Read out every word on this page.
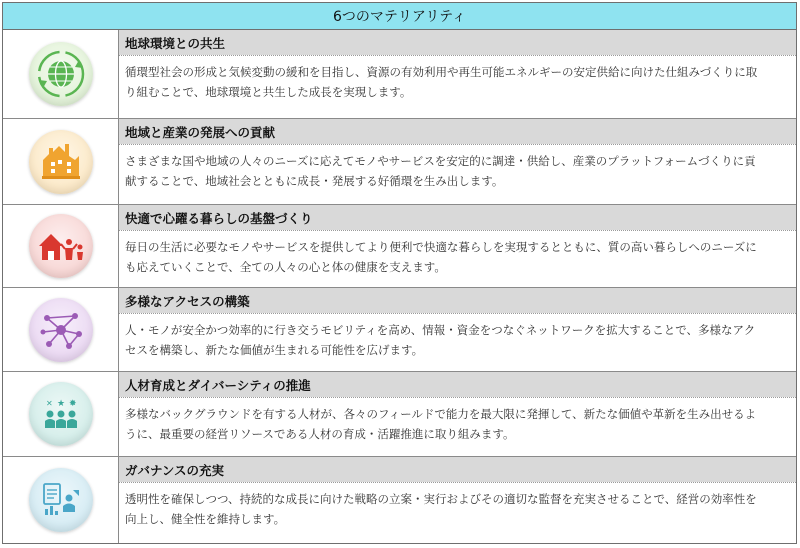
6つのマテリアリティ
地球環境との共生
循環型社会の形成と気候変動の緩和を目指し、資源の有効利用や再生可能エネルギーの安定供給に向けた仕組みづくりに取
り組むことで、地球環境と共生した成長を実現します。
地域と産業の発展への貢献
さまざまな国や地域の人々のニーズに応えてモノやサービスを安定的に調達・供給し、産業のプラットフォームづくりに貢
献することで、地域社会とともに成長・発展する好循環を生み出します。
快適で心躍る暮らしの基盤づくり
毎日の生活に必要なモノやサービスを提供してより便利で快適な暮らしを実現するとともに、質の高い暮らしへのニーズに
も応えていくことで、全ての人々の心と体の健康を支えます。
多様なアクセスの構築
人・モノが安全かつ効率的に行き交うモビリティを高め、情報・資金をつなぐネットワークを拡大することで、多様なアク
セスを構築し、新たな価値が生まれる可能性を広げます。
✕ ★ ✸
人材育成とダイバーシティの推進
多様なバックグラウンドを有する人材が、各々のフィールドで能力を最大限に発揮して、新たな価値や革新を生み出せるよ
うに、最重要の経営リソースである人材の育成・活躍推進に取り組みます。
ガバナンスの充実
透明性を確保しつつ、持続的な成長に向けた戦略の立案・実行およびその適切な監督を充実させることで、経営の効率性を
向上し、健全性を維持します。
